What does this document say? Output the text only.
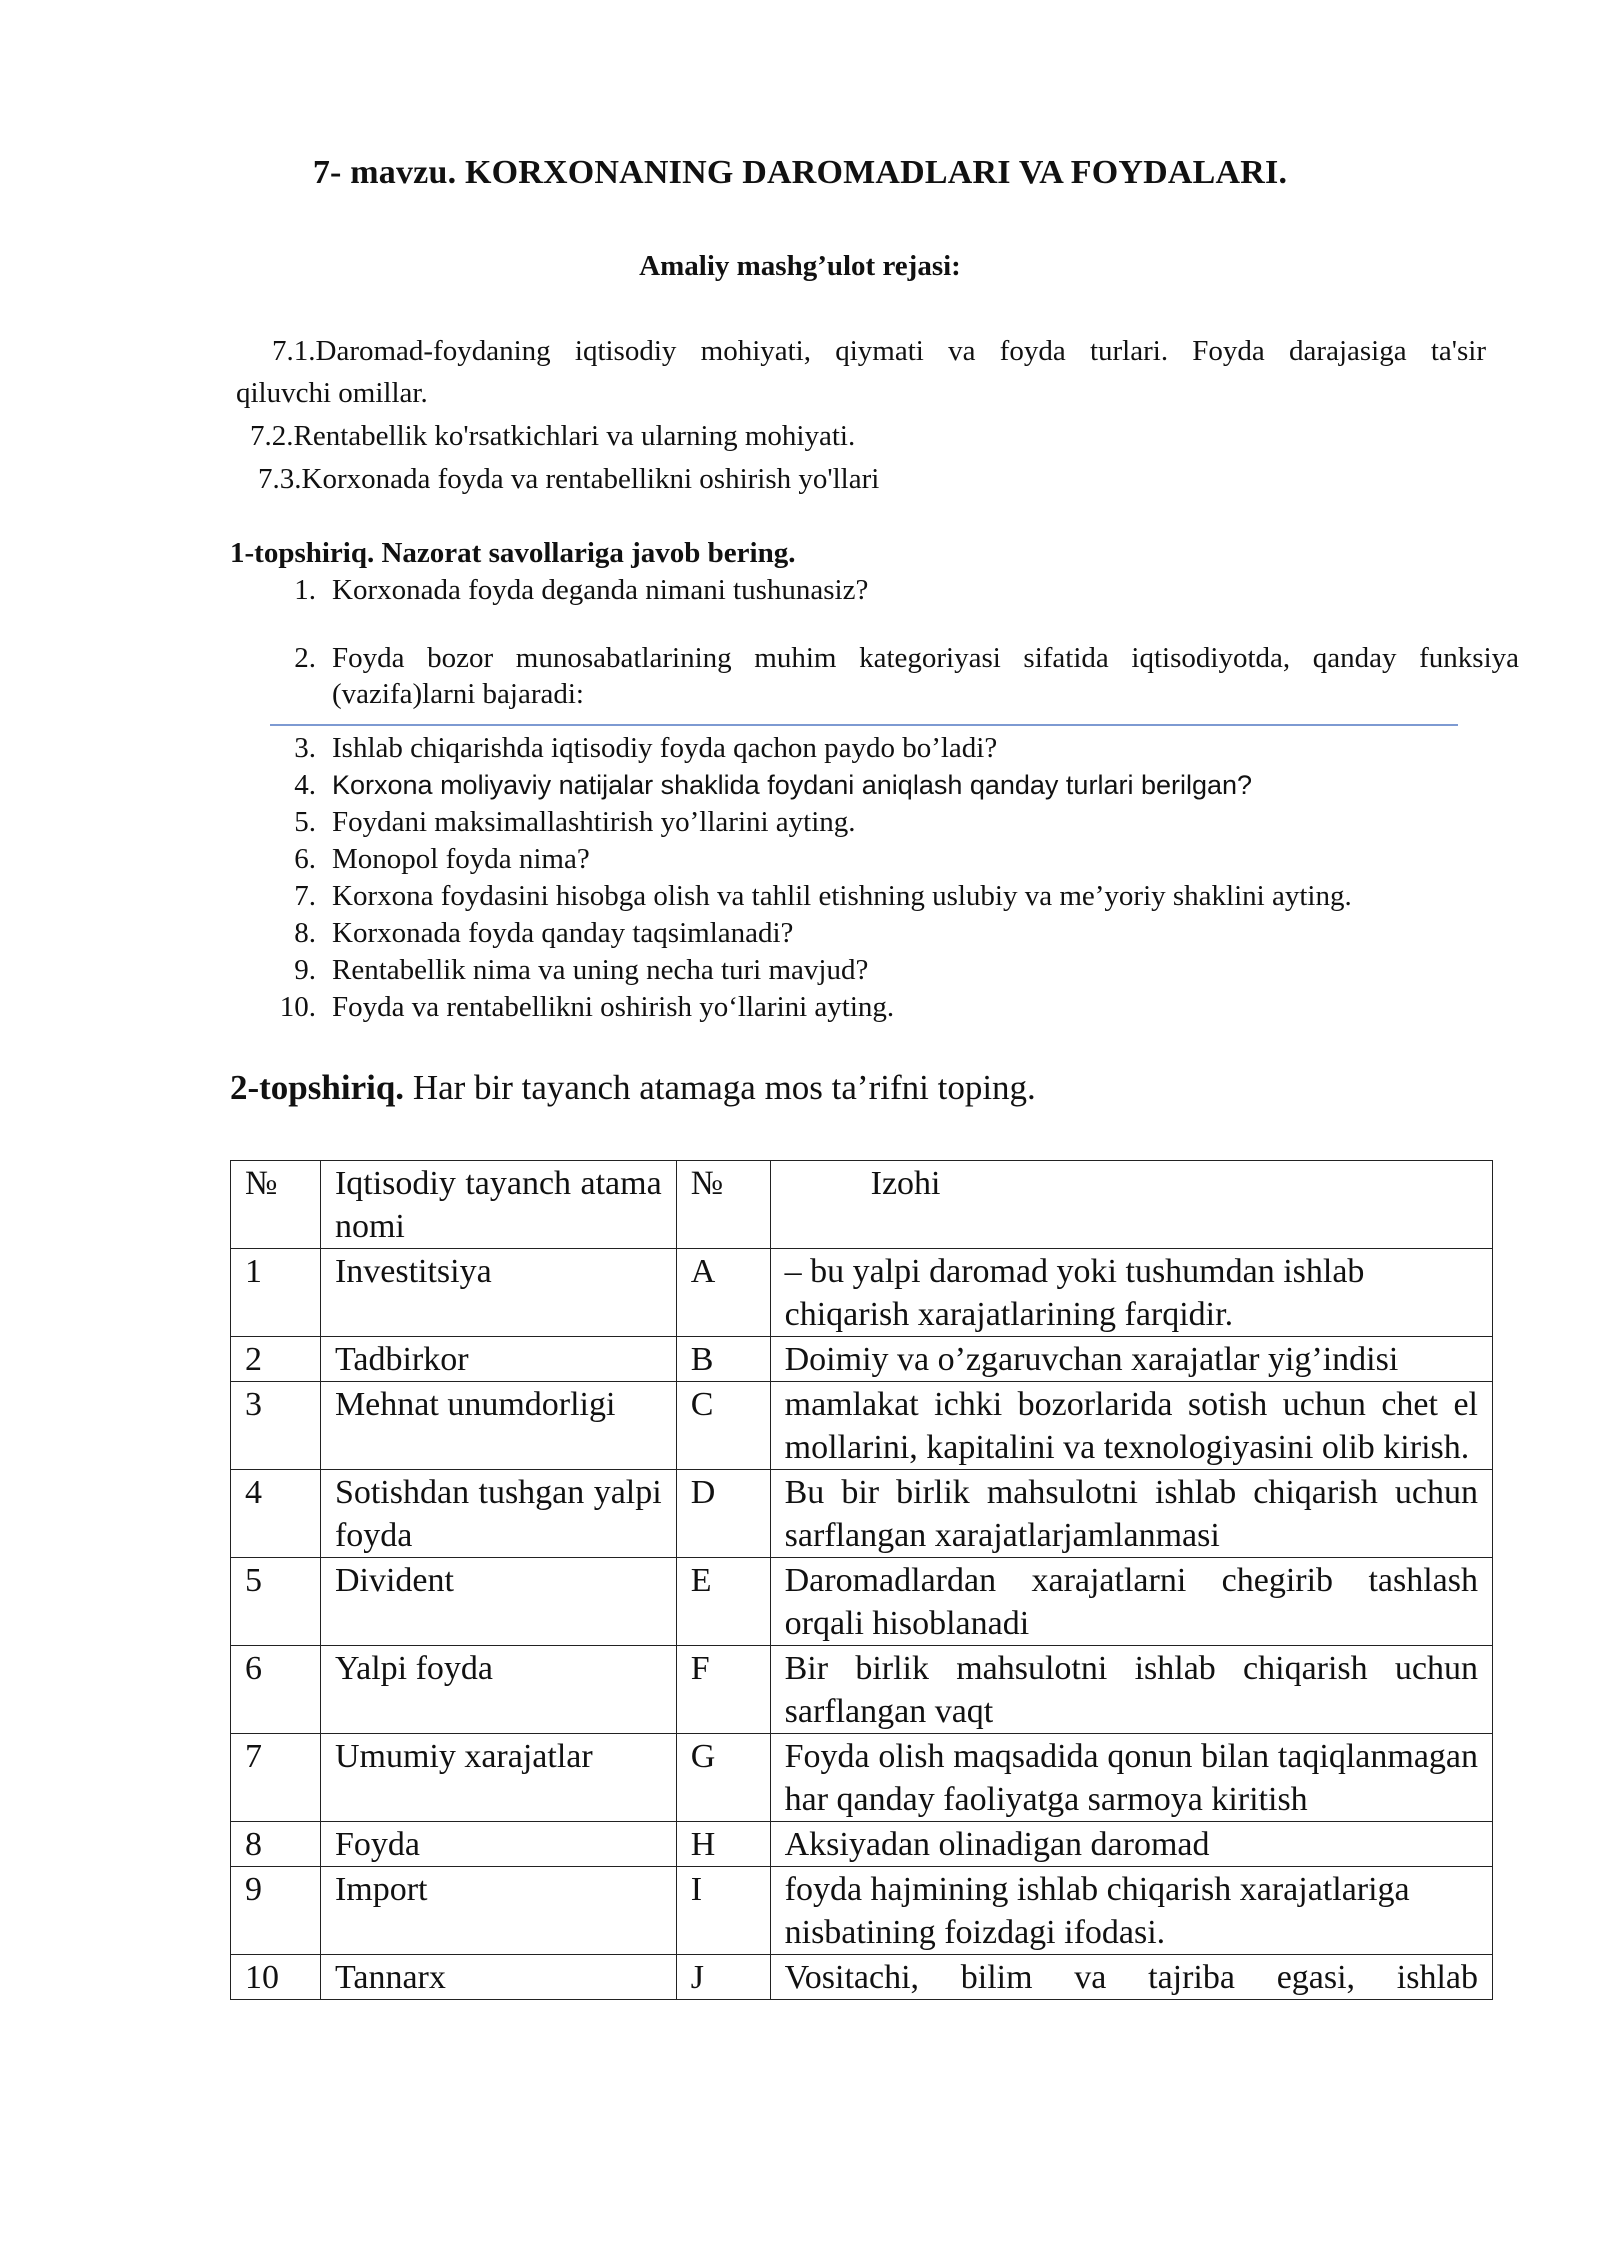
7- mavzu. KORXONANING DAROMADLARI VA FOYDALARI.
Amaliy mashg’ulot rejasi:
7.1.Daromad-foydaning iqtisodiy mohiyati, qiymati va foyda turlari. Foyda darajasiga ta'sir
qiluvchi omillar.
7.2.Rentabellik ko'rsatkichlari va ularning mohiyati.
7.3.Korxonada foyda va rentabellikni oshirish yo'llari
1-topshiriq. Nazorat savollariga javob bering.
1. Korxonada foyda deganda nimani tushunasiz?
2. Foyda bozor munosabatlarining muhim kategoriyasi sifatida iqtisodiyotda, qanday funksiya (vazifa)larni bajaradi:
3. Ishlab chiqarishda iqtisodiy foyda qachon paydo bo’ladi?
4. Korxona moliyaviy natijalar shaklida foydani aniqlash qanday turlari berilgan?
5. Foydani maksimallashtirish yo’llarini ayting.
6. Monopol foyda nima?
7. Korxona foydasini hisobga olish va tahlil etishning uslubiy va me’yoriy shaklini ayting.
8. Korxonada foyda qanday taqsimlanadi?
9. Rentabellik nima va uning necha turi mavjud?
10. Foyda va rentabellikni oshirish yo‘llarini ayting.
2-topshiriq. Har bir tayanch atamaga mos ta’rifni toping.
№	Iqtisodiy tayanch atama nomi	№	Izohi
1	Investitsiya	A	– bu yalpi daromad yoki tushumdan ishlab chiqarish xarajatlarining farqidir.
2	Tadbirkor	B	Doimiy va o’zgaruvchan xarajatlar yig’indisi
3	Mehnat unumdorligi	C	mamlakat ichki bozorlarida sotish uchun chet el mollarini, kapitalini va texnologiyasini olib kirish.
4	Sotishdan tushgan yalpi foyda	D	Bu bir birlik mahsulotni ishlab chiqarish uchun sarflangan xarajatlarjamlanmasi
5	Divident	E	Daromadlardan xarajatlarni chegirib tashlash orqali hisoblanadi
6	Yalpi foyda	F	Bir birlik mahsulotni ishlab chiqarish uchun sarflangan vaqt
7	Umumiy xarajatlar	G	Foyda olish maqsadida qonun bilan taqiqlanmagan har qanday faoliyatga sarmoya kiritish
8	Foyda	H	Aksiyadan olinadigan daromad
9	Import	I	foyda hajmining ishlab chiqarish xarajatlariga nisbatining foizdagi ifodasi.
10	Tannarx	J	Vositachi, bilim va tajriba egasi, ishlab
